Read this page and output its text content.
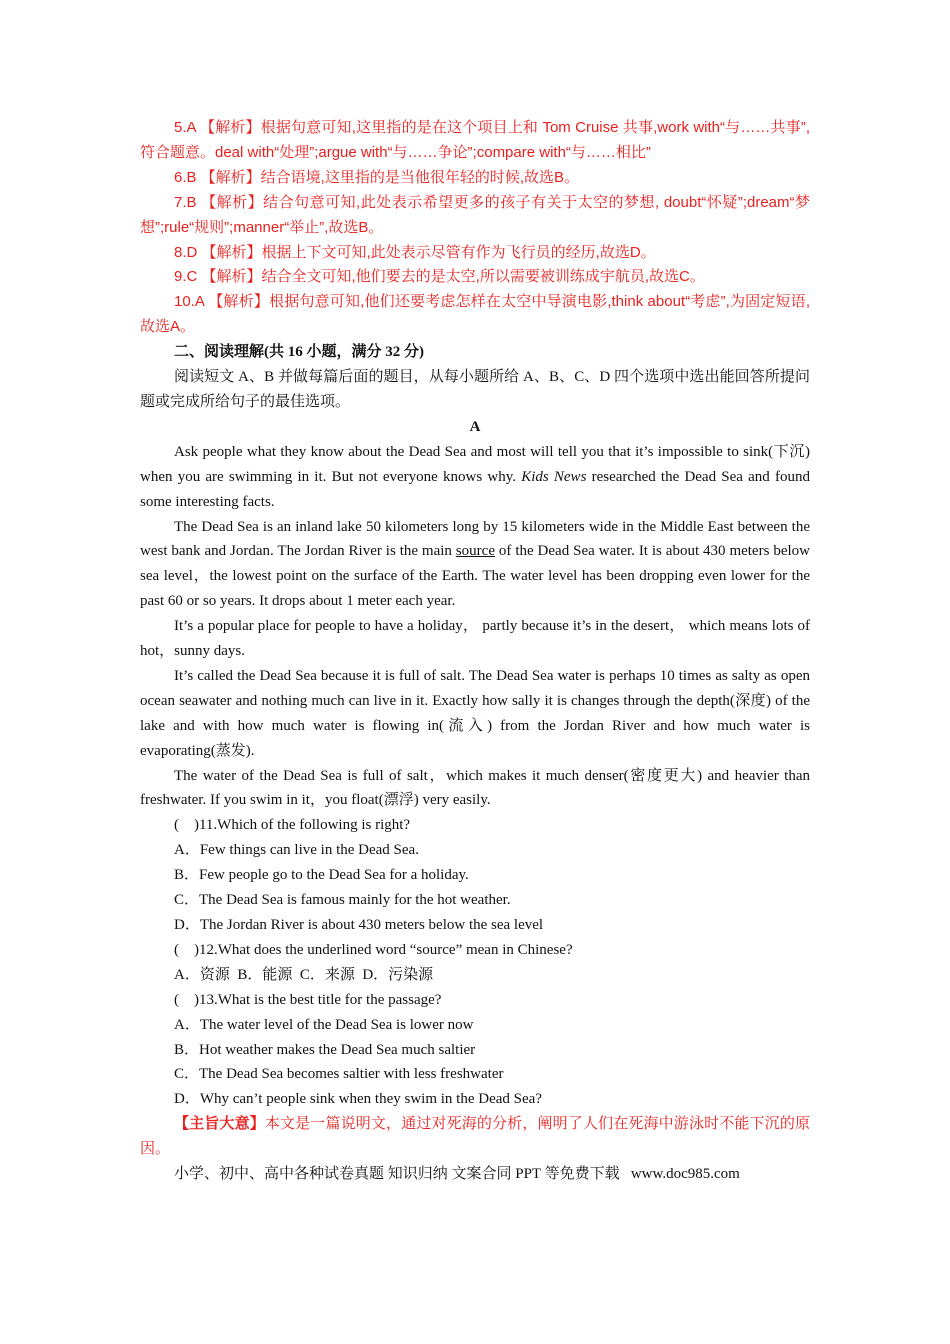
5.A 【解析】根据句意可知,这里指的是在这个项目上和 Tom Cruise 共事,work with“与……共事”,符合题意。deal with“处理”;argue with“与……争论”;compare with“与……相比”

6.B 【解析】结合语境,这里指的是当他很年轻的时候,故选B。

7.B 【解析】结合句意可知,此处表示希望更多的孩子有关于太空的梦想, doubt“怀疑”;dream“梦想”;rule“规则”;manner“举止”,故选B。

8.D 【解析】根据上下文可知,此处表示尽管有作为飞行员的经历,故选D。

9.C 【解析】结合全文可知,他们要去的是太空,所以需要被训练成宇航员,故选C。

10.A 【解析】根据句意可知,他们还要考虑怎样在太空中导演电影,think about“考虑”,为固定短语,故选A。

二、阅读理解(共 16 小题，满分 32 分)

阅读短文 A、B 并做每篇后面的题目，从每小题所给 A、B、C、D 四个选项中选出能回答所提问题或完成所给句子的最佳选项。

A

Ask people what they know about the Dead Sea and most will tell you that it’s impossible to sink(下沉) when you are swimming in it. But not everyone knows why. Kids News researched the Dead Sea and found some interesting facts.

The Dead Sea is an inland lake 50 kilometers long by 15 kilometers wide in the Middle East between the west bank and Jordan. The Jordan River is the main source of the Dead Sea water. It is about 430 meters below sea level，the lowest point on the surface of the Earth. The water level has been dropping even lower for the past 60 or so years. It drops about 1 meter each year.

It’s a popular place for people to have a holiday， partly because it’s in the desert， which means lots of hot，sunny days.

It’s called the Dead Sea because it is full of salt. The Dead Sea water is perhaps 10 times as salty as open ocean seawater and nothing much can live in it. Exactly how sally it is changes through the depth(深度) of the lake and with how much water is flowing in(流入) from the Jordan River and how much water is evaporating(蒸发).

The water of the Dead Sea is full of salt，which makes it much denser(密度更大) and heavier than freshwater. If you swim in it，you float(漂浮) very easily.

(　)11.Which of the following is right?

A．Few things can live in the Dead Sea.

B．Few people go to the Dead Sea for a holiday.

C．The Dead Sea is famous mainly for the hot weather.

D．The Jordan River is about 430 meters below the sea level

(　)12.What does the underlined word “source” mean in Chinese?

A．资源  B．能源  C．来源  D．污染源

(　)13.What is the best title for the passage?

A．The water level of the Dead Sea is lower now

B．Hot weather makes the Dead Sea much saltier

C．The Dead Sea becomes saltier with less freshwater

D．Why can’t people sink when they swim in the Dead Sea?

【主旨大意】本文是一篇说明文，通过对死海的分析，阐明了人们在死海中游泳时不能下沉的原因。

小学、初中、高中各种试卷真题 知识归纳 文案合同 PPT 等免费下载   www.doc985.com
